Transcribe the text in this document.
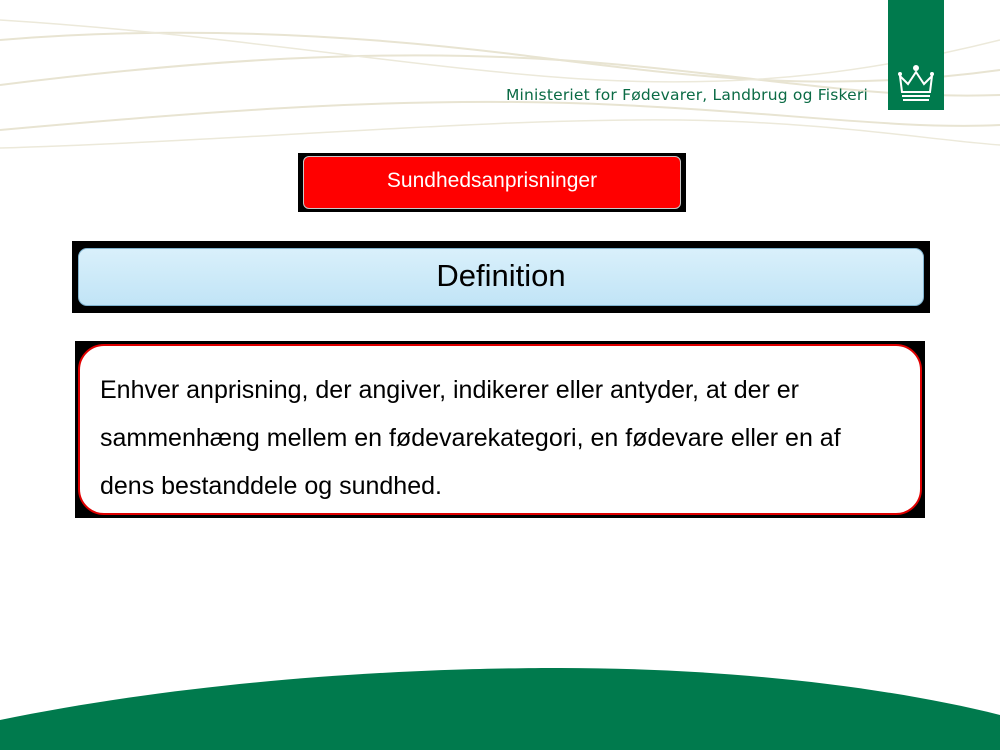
Ministeriet for Fødevarer, Landbrug og Fiskeri
Sundhedsanprisninger
Definition
Enhver anprisning, der angiver, indikerer eller antyder, at der er sammenhæng mellem en fødevarekategori, en fødevare eller en af dens bestanddele og sundhed.
